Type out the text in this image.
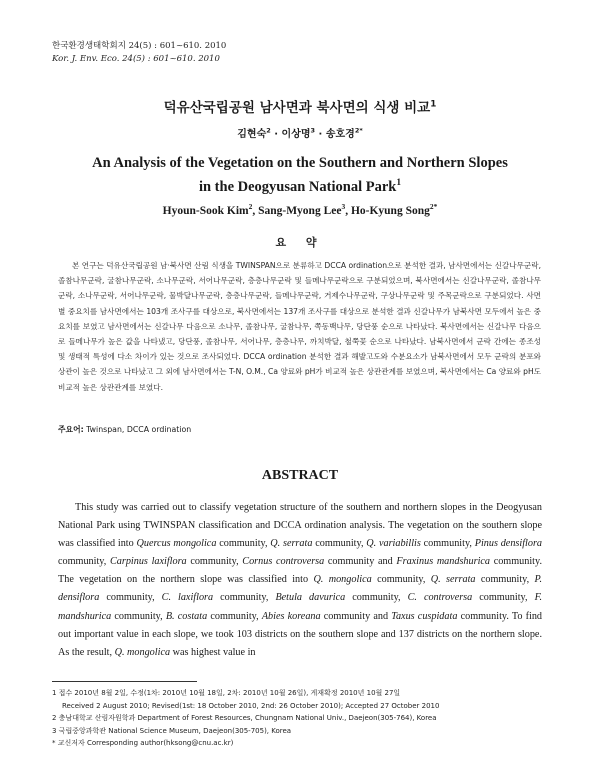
한국환경생태학회지 24(5) : 601~610. 2010
Kor. J. Env. Eco. 24(5) : 601~610. 2010
덕유산국립공원 남사면과 북사면의 식생 비교$^1$
김현숙$^2$ · 이상명$^3$ · 송호경$^{2*}$
An Analysis of the Vegetation on the Southern and Northern Slopes
in the Deogyusan National Park$^1$
Hyoun-Sook Kim$^2$, Sang-Myong Lee$^3$, Ho-Kyung Song$^{2*}$
요 약
본 연구는 덕유산국립공원 남·북사면 산림 식생을 TWINSPAN으로 분류하고 DCCA ordination으로 분석한 결과, 남사면에서는 신갈나무군락, 졸참나무군락, 굴참나무군락, 소나무군락, 서어나무군락, 층층나무군락 및 들메나무군락으로 구분되었으며, 북사면에서는 신갈나무군락, 졸참나무군락, 소나무군락, 서어나무군락, 물박달나무군락, 층층나무군락, 들메나무군락, 거제수나무군락, 구상나무군락 및 주목군락으로 구분되었다. 사면별 중요치를 남사면에서는 103개 조사구를 대상으로, 북사면에서는 137개 조사구를 대상으로 분석한 결과 신갈나무가 남북사면 모두에서 높은 중요치를 보였고 남사면에서는 신갈나무 다음으로 소나무, 졸참나무, 굴참나무, 쪽동백나무, 당단풍 순으로 나타났다. 북사면에서는 신갈나무 다음으로 들메나무가 높은 값을 나타냈고, 당단풍, 졸참나무, 서어나무, 층층나무, 까치박달, 철쭉꽃 순으로 나타났다. 남북사면에서 군락 간에는 종조성 및 생태적 특성에 다소 차이가 있는 것으로 조사되었다. DCCA ordination 분석한 결과 해발고도와 수분요소가 남북사면에서 모두 군락의 분포와 상관이 높은 것으로 나타났고 그 외에 남사면에서는 T-N, O.M., Ca 양료와 pH가 비교적 높은 상관관계를 보였으며, 북사면에서는 Ca 양료와 pH도 비교적 높은 상관관계를 보였다.
주요어: Twinspan, DCCA ordination
ABSTRACT
This study was carried out to classify vegetation structure of the southern and northern slopes in the Deogyusan National Park using TWINSPAN classification and DCCA ordination analysis. The vegetation on the southern slope was classified into Quercus mongolica community, Q. serrata community, Q. variabillis community, Pinus densiflora community, Carpinus laxiflora community, Cornus controversa community and Fraxinus mandshurica community. The vegetation on the northern slope was classified into Q. mongolica community, Q. serrata community, P. densiflora community, C. laxiflora community, Betula davurica community, C. controversa community, F. mandshurica community, B. costata community, Abies koreana community and Taxus cuspidata community. To find out important value in each slope, we took 103 districts on the southern slope and 137 districts on the northern slope. As the result, Q. mongolica was highest value in
1 접수 2010년 8월 2일, 수정(1차: 2010년 10월 18일, 2차: 2010년 10월 26일), 게재확정 2010년 10월 27일
Received 2 August 2010; Revised(1st: 18 October 2010, 2nd: 26 October 2010); Accepted 27 October 2010
2 충남대학교 산림자원학과 Department of Forest Resources, Chungnam National Univ., Daejeon(305-764), Korea
3 국립중앙과학관 National Science Museum, Daejeon(305-705), Korea
* 교신저자 Corresponding author(hksong@cnu.ac.kr)
